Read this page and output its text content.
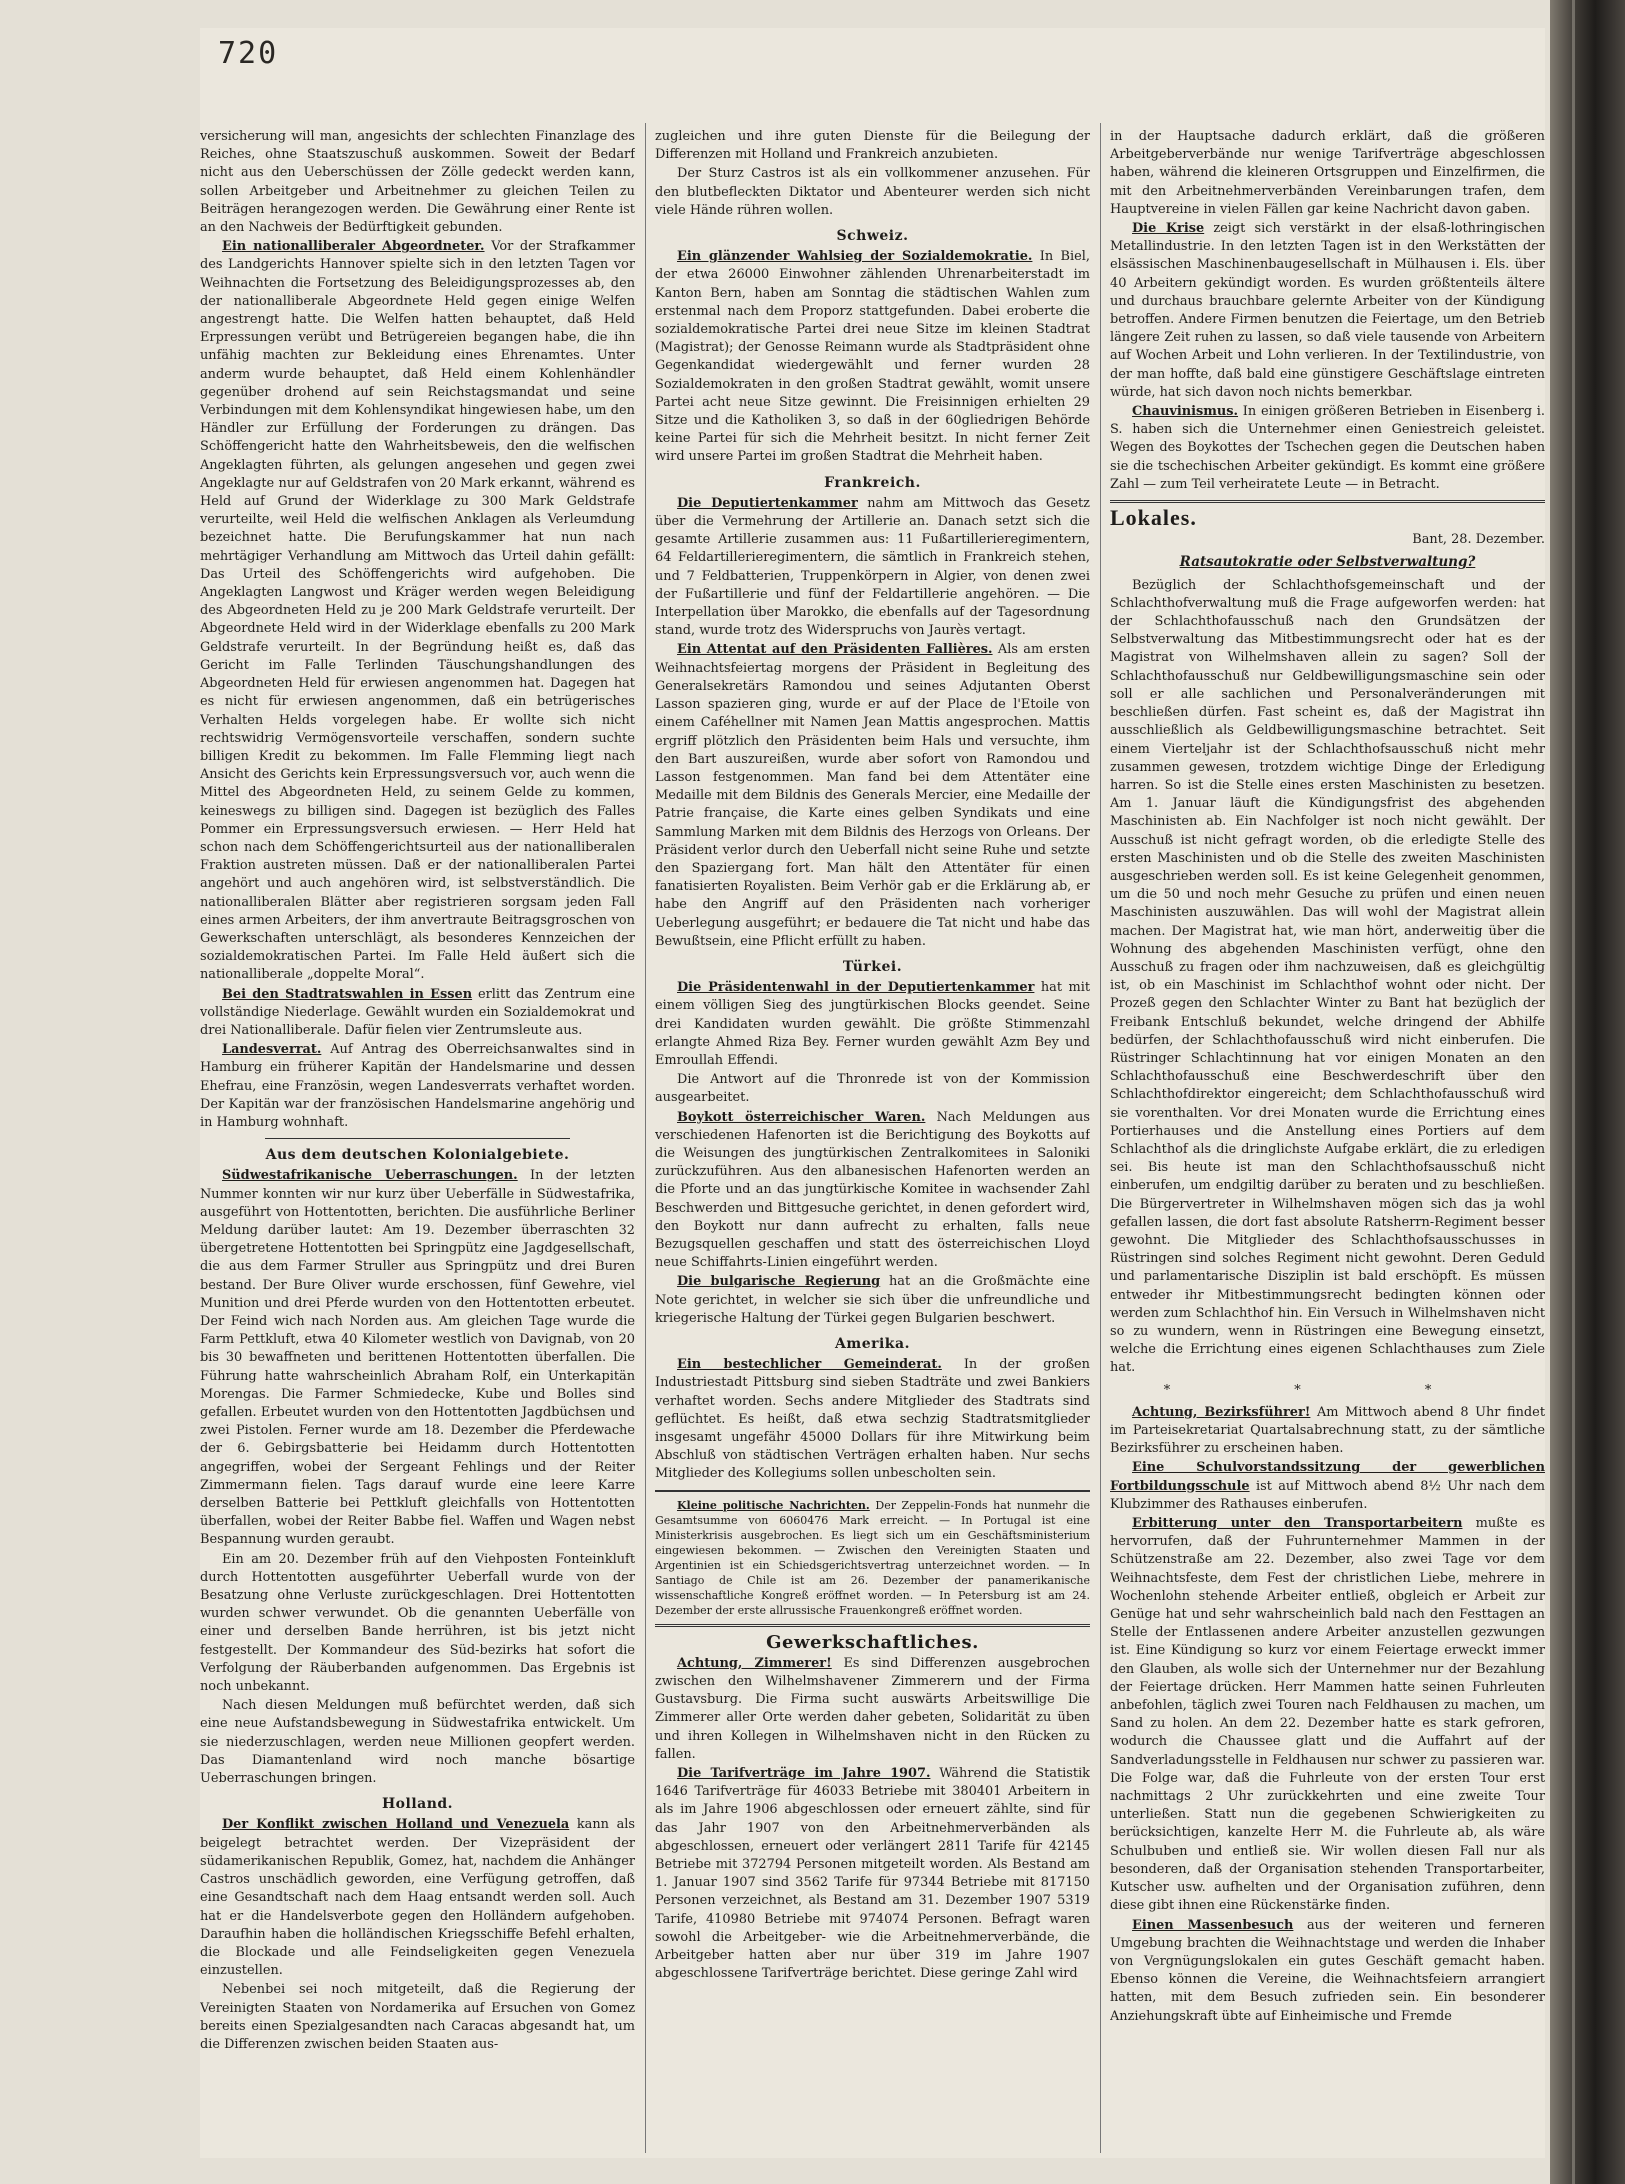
720

versicherung will man, angesichts der schlechten Finanzlage des Reiches, ohne Staatszuschuß auskommen. Soweit der Bedarf nicht aus den Ueberschüssen der Zölle gedeckt werden kann, sollen Arbeitgeber und Arbeitnehmer zu gleichen Teilen zu Beiträgen herangezogen werden. Die Gewährung einer Rente ist an den Nachweis der Bedürftigkeit gebunden.

Ein nationalliberaler Abgeordneter. Vor der Strafkammer des Landgerichts Hannover spielte sich in den letzten Tagen vor Weihnachten die Fortsetzung des Beleidigungsprozesses ab, den der nationalliberale Abgeordnete Held gegen einige Welfen angestrengt hatte. Die Welfen hatten behauptet, daß Held Erpressungen verübt und Betrügereien begangen habe, die ihn unfähig machten zur Bekleidung eines Ehrenamtes. Unter anderm wurde behauptet, daß Held einem Kohlenhändler gegenüber drohend auf sein Reichstagsmandat und seine Verbindungen mit dem Kohlensyndikat hingewiesen habe, um den Händler zur Erfüllung der Forderungen zu drängen. Das Schöffengericht hatte den Wahrheitsbeweis, den die welfischen Angeklagten führten, als gelungen angesehen und gegen zwei Angeklagte nur auf Geldstrafen von 20 Mark erkannt, während es Held auf Grund der Widerklage zu 300 Mark Geldstrafe verurteilte, weil Held die welfischen Anklagen als Verleumdung bezeichnet hatte. Die Berufungskammer hat nun nach mehrtägiger Verhandlung am Mittwoch das Urteil dahin gefällt: Das Urteil des Schöffengerichts wird aufgehoben. Die Angeklagten Langwost und Kräger werden wegen Beleidigung des Abgeordneten Held zu je 200 Mark Geldstrafe verurteilt. Der Abgeordnete Held wird in der Widerklage ebenfalls zu 200 Mark Geldstrafe verurteilt. In der Begründung heißt es, daß das Gericht im Falle Terlinden Täuschungshandlungen des Abgeordneten Held für erwiesen angenommen hat. Dagegen hat es nicht für erwiesen angenommen, daß ein betrügerisches Verhalten Helds vorgelegen habe. Er wollte sich nicht rechtswidrig Vermögensvorteile verschaffen, sondern suchte billigen Kredit zu bekommen. Im Falle Flemming liegt nach Ansicht des Gerichts kein Erpressungsversuch vor, auch wenn die Mittel des Abgeordneten Held, zu seinem Gelde zu kommen, keineswegs zu billigen sind. Dagegen ist bezüglich des Falles Pommer ein Erpressungsversuch erwiesen. — Herr Held hat schon nach dem Schöffengerichtsurteil aus der nationalliberalen Fraktion austreten müssen. Daß er der nationalliberalen Partei angehört und auch angehören wird, ist selbstverständlich. Die nationalliberalen Blätter aber registrieren sorgsam jeden Fall eines armen Arbeiters, der ihm anvertraute Beitragsgroschen von Gewerkschaften unterschlägt, als besonderes Kennzeichen der sozialdemokratischen Partei. Im Falle Held äußert sich die nationalliberale „doppelte Moral“.

Bei den Stadtratswahlen in Essen erlitt das Zentrum eine vollständige Niederlage. Gewählt wurden ein Sozialdemokrat und drei Nationalliberale. Dafür fielen vier Zentrumsleute aus.

Landesverrat. Auf Antrag des Oberreichsanwaltes sind in Hamburg ein früherer Kapitän der Handelsmarine und dessen Ehefrau, eine Französin, wegen Landesverrats verhaftet worden. Der Kapitän war der französischen Handelsmarine angehörig und in Hamburg wohnhaft.

Aus dem deutschen Kolonialgebiete.

Südwestafrikanische Ueberraschungen. In der letzten Nummer konnten wir nur kurz über Ueberfälle in Südwestafrika, ausgeführt von Hottentotten, berichten. Die ausführliche Berliner Meldung darüber lautet: Am 19. Dezember überraschten 32 übergetretene Hottentotten bei Springpütz eine Jagdgesellschaft, die aus dem Farmer Struller aus Springpütz und drei Buren bestand. Der Bure Oliver wurde erschossen, fünf Gewehre, viel Munition und drei Pferde wurden von den Hottentotten erbeutet. Der Feind wich nach Norden aus. Am gleichen Tage wurde die Farm Pettkluft, etwa 40 Kilometer westlich von Davignab, von 20 bis 30 bewaffneten und berittenen Hottentotten überfallen. Die Führung hatte wahrscheinlich Abraham Rolf, ein Unterkapitän Morengas. Die Farmer Schmiedecke, Kube und Bolles sind gefallen. Erbeutet wurden von den Hottentotten Jagdbüchsen und zwei Pistolen. Ferner wurde am 18. Dezember die Pferdewache der 6. Gebirgsbatterie bei Heidamm durch Hottentotten angegriffen, wobei der Sergeant Fehlings und der Reiter Zimmermann fielen. Tags darauf wurde eine leere Karre derselben Batterie bei Pettkluft gleichfalls von Hottentotten überfallen, wobei der Reiter Babbe fiel. Waffen und Wagen nebst Bespannung wurden geraubt.

Ein am 20. Dezember früh auf den Viehposten Fonteinkluft durch Hottentotten ausgeführter Ueberfall wurde von der Besatzung ohne Verluste zurückgeschlagen. Drei Hottentotten wurden schwer verwundet. Ob die genannten Ueberfälle von einer und derselben Bande herrühren, ist bis jetzt nicht festgestellt. Der Kommandeur des Süd-bezirks hat sofort die Verfolgung der Räuberbanden aufgenommen. Das Ergebnis ist noch unbekannt.

Nach diesen Meldungen muß befürchtet werden, daß sich eine neue Aufstandsbewegung in Südwestafrika entwickelt. Um sie niederzuschlagen, werden neue Millionen geopfert werden. Das Diamantenland wird noch manche bösartige Ueberraschungen bringen.

Holland.

Der Konflikt zwischen Holland und Venezuela kann als beigelegt betrachtet werden. Der Vizepräsident der südamerikanischen Republik, Gomez, hat, nachdem die Anhänger Castros unschädlich geworden, eine Verfügung getroffen, daß eine Gesandtschaft nach dem Haag entsandt werden soll. Auch hat er die Handelsverbote gegen den Holländern aufgehoben. Daraufhin haben die holländischen Kriegsschiffe Befehl erhalten, die Blockade und alle Feindseligkeiten gegen Venezuela einzustellen.

Nebenbei sei noch mitgeteilt, daß die Regierung der Vereinigten Staaten von Nordamerika auf Ersuchen von Gomez bereits einen Spezialgesandten nach Caracas abgesandt hat, um die Differenzen zwischen beiden Staaten aus-

zugleichen und ihre guten Dienste für die Beilegung der Differenzen mit Holland und Frankreich anzubieten.

Der Sturz Castros ist als ein vollkommener anzusehen. Für den blutbefleckten Diktator und Abenteurer werden sich nicht viele Hände rühren wollen.

Schweiz.

Ein glänzender Wahlsieg der Sozialdemokratie. In Biel, der etwa 26000 Einwohner zählenden Uhrenarbeiterstadt im Kanton Bern, haben am Sonntag die städtischen Wahlen zum erstenmal nach dem Proporz stattgefunden. Dabei eroberte die sozialdemokratische Partei drei neue Sitze im kleinen Stadtrat (Magistrat); der Genosse Reimann wurde als Stadtpräsident ohne Gegenkandidat wiedergewählt und ferner wurden 28 Sozialdemokraten in den großen Stadtrat gewählt, womit unsere Partei acht neue Sitze gewinnt. Die Freisinnigen erhielten 29 Sitze und die Katholiken 3, so daß in der 60gliedrigen Behörde keine Partei für sich die Mehrheit besitzt. In nicht ferner Zeit wird unsere Partei im großen Stadtrat die Mehrheit haben.

Frankreich.

Die Deputiertenkammer nahm am Mittwoch das Gesetz über die Vermehrung der Artillerie an. Danach setzt sich die gesamte Artillerie zusammen aus: 11 Fußartillerieregimentern, 64 Feldartillerieregimentern, die sämtlich in Frankreich stehen, und 7 Feldbatterien, Truppenkörpern in Algier, von denen zwei der Fußartillerie und fünf der Feldartillerie angehören. — Die Interpellation über Marokko, die ebenfalls auf der Tagesordnung stand, wurde trotz des Widerspruchs von Jaurès vertagt.

Ein Attentat auf den Präsidenten Fallières. Als am ersten Weihnachtsfeiertag morgens der Präsident in Begleitung des Generalsekretärs Ramondou und seines Adjutanten Oberst Lasson spazieren ging, wurde er auf der Place de l'Etoile von einem Caféhellner mit Namen Jean Mattis angesprochen. Mattis ergriff plötzlich den Präsidenten beim Hals und versuchte, ihm den Bart auszureißen, wurde aber sofort von Ramondou und Lasson festgenommen. Man fand bei dem Attentäter eine Medaille mit dem Bildnis des Generals Mercier, eine Medaille der Patrie française, die Karte eines gelben Syndikats und eine Sammlung Marken mit dem Bildnis des Herzogs von Orleans. Der Präsident verlor durch den Ueberfall nicht seine Ruhe und setzte den Spaziergang fort. Man hält den Attentäter für einen fanatisierten Royalisten. Beim Verhör gab er die Erklärung ab, er habe den Angriff auf den Präsidenten nach vorheriger Ueberlegung ausgeführt; er bedauere die Tat nicht und habe das Bewußtsein, eine Pflicht erfüllt zu haben.

Türkei.

Die Präsidentenwahl in der Deputiertenkammer hat mit einem völligen Sieg des jungtürkischen Blocks geendet. Seine drei Kandidaten wurden gewählt. Die größte Stimmenzahl erlangte Ahmed Riza Bey. Ferner wurden gewählt Azm Bey und Emroullah Effendi.

Die Antwort auf die Thronrede ist von der Kommission ausgearbeitet.

Boykott österreichischer Waren. Nach Meldungen aus verschiedenen Hafenorten ist die Berichtigung des Boykotts auf die Weisungen des jungtürkischen Zentralkomitees in Saloniki zurückzuführen. Aus den albanesischen Hafenorten werden an die Pforte und an das jungtürkische Komitee in wachsender Zahl Beschwerden und Bittgesuche gerichtet, in denen gefordert wird, den Boykott nur dann aufrecht zu erhalten, falls neue Bezugsquellen geschaffen und statt des österreichischen Lloyd neue Schiffahrts-Linien eingeführt werden.

Die bulgarische Regierung hat an die Großmächte eine Note gerichtet, in welcher sie sich über die unfreundliche und kriegerische Haltung der Türkei gegen Bulgarien beschwert.

Amerika.

Ein bestechlicher Gemeinderat. In der großen Industriestadt Pittsburg sind sieben Stadträte und zwei Bankiers verhaftet worden. Sechs andere Mitglieder des Stadtrats sind geflüchtet. Es heißt, daß etwa sechzig Stadtratsmitglieder insgesamt ungefähr 45000 Dollars für ihre Mitwirkung beim Abschluß von städtischen Verträgen erhalten haben. Nur sechs Mitglieder des Kollegiums sollen unbescholten sein.

Kleine politische Nachrichten. Der Zeppelin-Fonds hat nunmehr die Gesamtsumme von 6060476 Mark erreicht. — In Portugal ist eine Ministerkrisis ausgebrochen. Es liegt sich um ein Geschäftsministerium eingewiesen bekommen. — Zwischen den Vereinigten Staaten und Argentinien ist ein Schiedsgerichtsvertrag unterzeichnet worden. — In Santiago de Chile ist am 26. Dezember der panamerikanische wissenschaftliche Kongreß eröffnet worden. — In Petersburg ist am 24. Dezember der erste allrussische Frauenkongreß eröffnet worden.

Gewerkschaftliches.

Achtung, Zimmerer! Es sind Differenzen ausgebrochen zwischen den Wilhelmshavener Zimmerern und der Firma Gustavsburg. Die Firma sucht auswärts Arbeitswillige Die Zimmerer aller Orte werden daher gebeten, Solidarität zu üben und ihren Kollegen in Wilhelmshaven nicht in den Rücken zu fallen.

Die Tarifverträge im Jahre 1907. Während die Statistik 1646 Tarifverträge für 46033 Betriebe mit 380401 Arbeitern in als im Jahre 1906 abgeschlossen oder erneuert zählte, sind für das Jahr 1907 von den Arbeitnehmerverbänden als abgeschlossen, erneuert oder verlängert 2811 Tarife für 42145 Betriebe mit 372794 Personen mitgeteilt worden. Als Bestand am 1. Januar 1907 sind 3562 Tarife für 97344 Betriebe mit 817150 Personen verzeichnet, als Bestand am 31. Dezember 1907 5319 Tarife, 410980 Betriebe mit 974074 Personen. Befragt waren sowohl die Arbeitgeber- wie die Arbeitnehmerverbände, die Arbeitgeber hatten aber nur über 319 im Jahre 1907 abgeschlossene Tarifverträge berichtet. Diese geringe Zahl wird

in der Hauptsache dadurch erklärt, daß die größeren Arbeitgeberverbände nur wenige Tarifverträge abgeschlossen haben, während die kleineren Ortsgruppen und Einzelfirmen, die mit den Arbeitnehmerverbänden Vereinbarungen trafen, dem Hauptvereine in vielen Fällen gar keine Nachricht davon gaben.

Die Krise zeigt sich verstärkt in der elsaß-lothringischen Metallindustrie. In den letzten Tagen ist in den Werkstätten der elsässischen Maschinenbaugesellschaft in Mülhausen i. Els. über 40 Arbeitern gekündigt worden. Es wurden größtenteils ältere und durchaus brauchbare gelernte Arbeiter von der Kündigung betroffen. Andere Firmen benutzen die Feiertage, um den Betrieb längere Zeit ruhen zu lassen, so daß viele tausende von Arbeitern auf Wochen Arbeit und Lohn verlieren. In der Textilindustrie, von der man hoffte, daß bald eine günstigere Geschäftslage eintreten würde, hat sich davon noch nichts bemerkbar.

Chauvinismus. In einigen größeren Betrieben in Eisenberg i. S. haben sich die Unternehmer einen Geniestreich geleistet. Wegen des Boykottes der Tschechen gegen die Deutschen haben sie die tschechischen Arbeiter gekündigt. Es kommt eine größere Zahl — zum Teil verheiratete Leute — in Betracht.

Lokales.
Bant, 28. Dezember.
Ratsautokratie oder Selbstverwaltung?

Bezüglich der Schlachthofsgemeinschaft und der Schlachthofverwaltung muß die Frage aufgeworfen werden: hat der Schlachthofausschuß nach den Grundsätzen der Selbstverwaltung das Mitbestimmungsrecht oder hat es der Magistrat von Wilhelmshaven allein zu sagen? Soll der Schlachthofausschuß nur Geldbewilligungsmaschine sein oder soll er alle sachlichen und Personalveränderungen mit beschließen dürfen. Fast scheint es, daß der Magistrat ihn ausschließlich als Geldbewilligungsmaschine betrachtet. Seit einem Vierteljahr ist der Schlachthofsausschuß nicht mehr zusammen gewesen, trotzdem wichtige Dinge der Erledigung harren. So ist die Stelle eines ersten Maschinisten zu besetzen. Am 1. Januar läuft die Kündigungsfrist des abgehenden Maschinisten ab. Ein Nachfolger ist noch nicht gewählt. Der Ausschuß ist nicht gefragt worden, ob die erledigte Stelle des ersten Maschinisten und ob die Stelle des zweiten Maschinisten ausgeschrieben werden soll. Es ist keine Gelegenheit genommen, um die 50 und noch mehr Gesuche zu prüfen und einen neuen Maschinisten auszuwählen. Das will wohl der Magistrat allein machen. Der Magistrat hat, wie man hört, anderweitig über die Wohnung des abgehenden Maschinisten verfügt, ohne den Ausschuß zu fragen oder ihm nachzuweisen, daß es gleichgültig ist, ob ein Maschinist im Schlachthof wohnt oder nicht. Der Prozeß gegen den Schlachter Winter zu Bant hat bezüglich der Freibank Entschluß bekundet, welche dringend der Abhilfe bedürfen, der Schlachthofausschuß wird nicht einberufen. Die Rüstringer Schlachtinnung hat vor einigen Monaten an den Schlachthofausschuß eine Beschwerdeschrift über den Schlachthofdirektor eingereicht; dem Schlachthofausschuß wird sie vorenthalten. Vor drei Monaten wurde die Errichtung eines Portierhauses und die Anstellung eines Portiers auf dem Schlachthof als die dringlichste Aufgabe erklärt, die zu erledigen sei. Bis heute ist man den Schlachthofsausschuß nicht einberufen, um endgiltig darüber zu beraten und zu beschließen. Die Bürgervertreter in Wilhelmshaven mögen sich das ja wohl gefallen lassen, die dort fast absolute Ratsherrn-Regiment besser gewohnt. Die Mitglieder des Schlachthofsausschusses in Rüstringen sind solches Regiment nicht gewohnt. Deren Geduld und parlamentarische Disziplin ist bald erschöpft. Es müssen entweder ihr Mitbestimmungsrecht bedingten können oder werden zum Schlachthof hin. Ein Versuch in Wilhelmshaven nicht so zu wundern, wenn in Rüstringen eine Bewegung einsetzt, welche die Errichtung eines eigenen Schlachthauses zum Ziele hat.

* * *

Achtung, Bezirksführer! Am Mittwoch abend 8 Uhr findet im Parteisekretariat Quartalsabrechnung statt, zu der sämtliche Bezirksführer zu erscheinen haben.

Eine Schulvorstandssitzung der gewerblichen Fortbildungsschule ist auf Mittwoch abend 8½ Uhr nach dem Klubzimmer des Rathauses einberufen.

Erbitterung unter den Transportarbeitern mußte es hervorrufen, daß der Fuhrunternehmer Mammen in der Schützenstraße am 22. Dezember, also zwei Tage vor dem Weihnachtsfeste, dem Fest der christlichen Liebe, mehrere in Wochenlohn stehende Arbeiter entließ, obgleich er Arbeit zur Genüge hat und sehr wahrscheinlich bald nach den Festtagen an Stelle der Entlassenen andere Arbeiter anzustellen gezwungen ist. Eine Kündigung so kurz vor einem Feiertage erweckt immer den Glauben, als wolle sich der Unternehmer nur der Bezahlung der Feiertage drücken. Herr Mammen hatte seinen Fuhrleuten anbefohlen, täglich zwei Touren nach Feldhausen zu machen, um Sand zu holen. An dem 22. Dezember hatte es stark gefroren, wodurch die Chaussee glatt und die Auffahrt auf der Sandverladungsstelle in Feldhausen nur schwer zu passieren war. Die Folge war, daß die Fuhrleute von der ersten Tour erst nachmittags 2 Uhr zurückkehrten und eine zweite Tour unterließen. Statt nun die gegebenen Schwierigkeiten zu berücksichtigen, kanzelte Herr M. die Fuhrleute ab, als wäre Schulbuben und entließ sie. Wir wollen diesen Fall nur als besonderen, daß der Organisation stehenden Transportarbeiter, Kutscher usw. aufhelten und der Organisation zuführen, denn diese gibt ihnen eine Rückenstärke finden.

Einen Massenbesuch aus der weiteren und ferneren Umgebung brachten die Weihnachtstage und werden die Inhaber von Vergnügungslokalen ein gutes Geschäft gemacht haben. Ebenso können die Vereine, die Weihnachtsfeiern arrangiert hatten, mit dem Besuch zufrieden sein. Ein besonderer Anziehungskraft übte auf Einheimische und Fremde
